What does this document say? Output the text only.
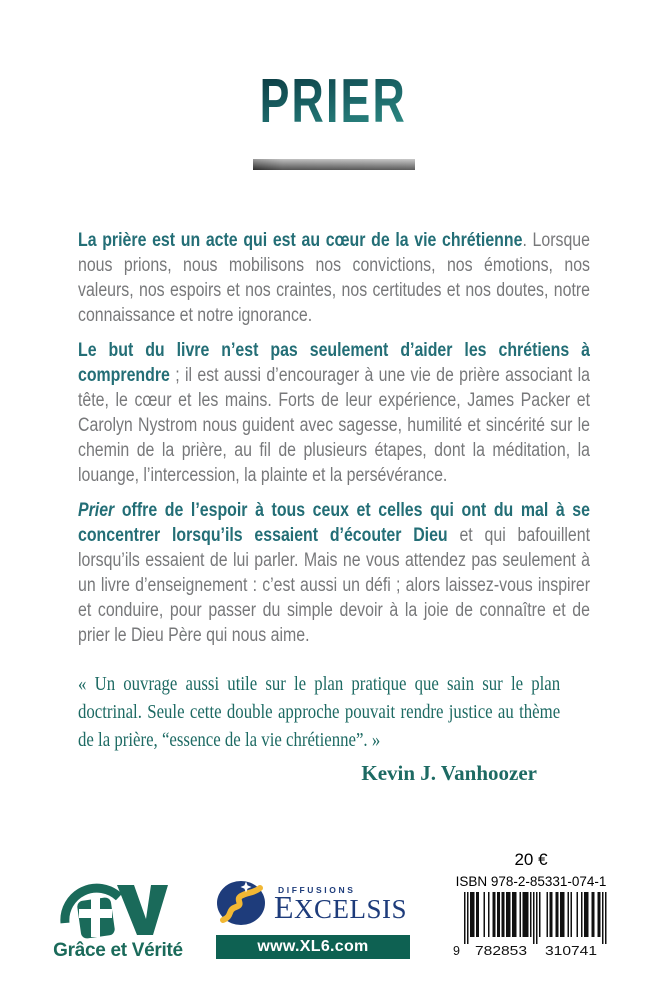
PRIER

La prière est un acte qui est au cœur de la vie chrétienne. Lorsque nous prions, nous mobilisons nos convictions, nos émotions, nos valeurs, nos espoirs et nos craintes, nos certitudes et nos doutes, notre connaissance et notre ignorance.

Le but du livre n’est pas seulement d’aider les chrétiens à comprendre ; il est aussi d’encourager à une vie de prière associant la tête, le cœur et les mains. Forts de leur expérience, James Packer et Carolyn Nystrom nous guident avec sagesse, humilité et sincérité sur le chemin de la prière, au fil de plusieurs étapes, dont la méditation, la louange, l’intercession, la plainte et la persévérance.

Prier offre de l’espoir à tous ceux et celles qui ont du mal à se concentrer lorsqu’ils essaient d’écouter Dieu et qui bafouillent lorsqu’ils essaient de lui parler. Mais ne vous attendez pas seulement à un livre d’enseignement : c’est aussi un défi ; alors laissez-vous inspirer et conduire, pour passer du simple devoir à la joie de connaître et de prier le Dieu Père qui nous aime.

« Un ouvrage aussi utile sur le plan pratique que sain sur le plan doctrinal. Seule cette double approche pouvait rendre justice au thème de la prière, “essence de la vie chrétienne”. »
Kevin J. Vanhoozer
Grâce et Vérité
DIFFUSIONS
EXCELSIS
www.XL6.com
20 €
ISBN 978-2-85331-074-1
9 782853 310741
